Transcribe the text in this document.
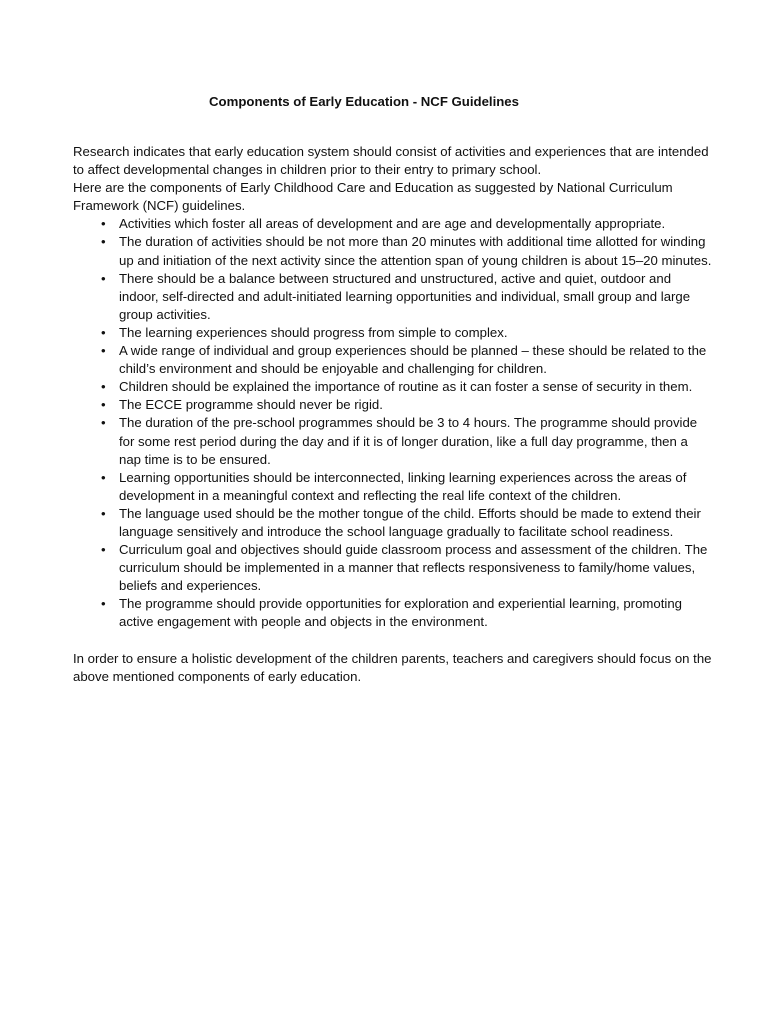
Components of Early Education - NCF Guidelines

Research indicates that early education system should consist of activities and experiences that are intended to affect developmental changes in children prior to their entry to primary school.

Here are the components of Early Childhood Care and Education as suggested by National Curriculum Framework (NCF) guidelines.

•	Activities which foster all areas of development and are age and developmentally appropriate.
•	The duration of activities should be not more than 20 minutes with additional time allotted for winding up and initiation of the next activity since the attention span of young children is about 15–20 minutes.
•	There should be a balance between structured and unstructured, active and quiet, outdoor and indoor, self-directed and adult-initiated learning opportunities and individual, small group and large group activities.
•	The learning experiences should progress from simple to complex.
•	A wide range of individual and group experiences should be planned – these should be related to the child’s environment and should be enjoyable and challenging for children.
•	Children should be explained the importance of routine as it can foster a sense of security in them.
•	The ECCE programme should never be rigid.
•	The duration of the pre-school programmes should be 3 to 4 hours. The programme should provide for some rest period during the day and if it is of longer duration, like a full day programme, then a nap time is to be ensured.
•	Learning opportunities should be interconnected, linking learning experiences across the areas of development in a meaningful context and reflecting the real life context of the children.
•	The language used should be the mother tongue of the child. Efforts should be made to extend their language sensitively and introduce the school language gradually to facilitate school readiness.
•	Curriculum goal and objectives should guide classroom process and assessment of the children. The curriculum should be implemented in a manner that reflects responsiveness to family/home values, beliefs and experiences.
•	The programme should provide opportunities for exploration and experiential learning, promoting active engagement with people and objects in the environment.

In order to ensure a holistic development of the children parents, teachers and caregivers should focus on the above mentioned components of early education.
